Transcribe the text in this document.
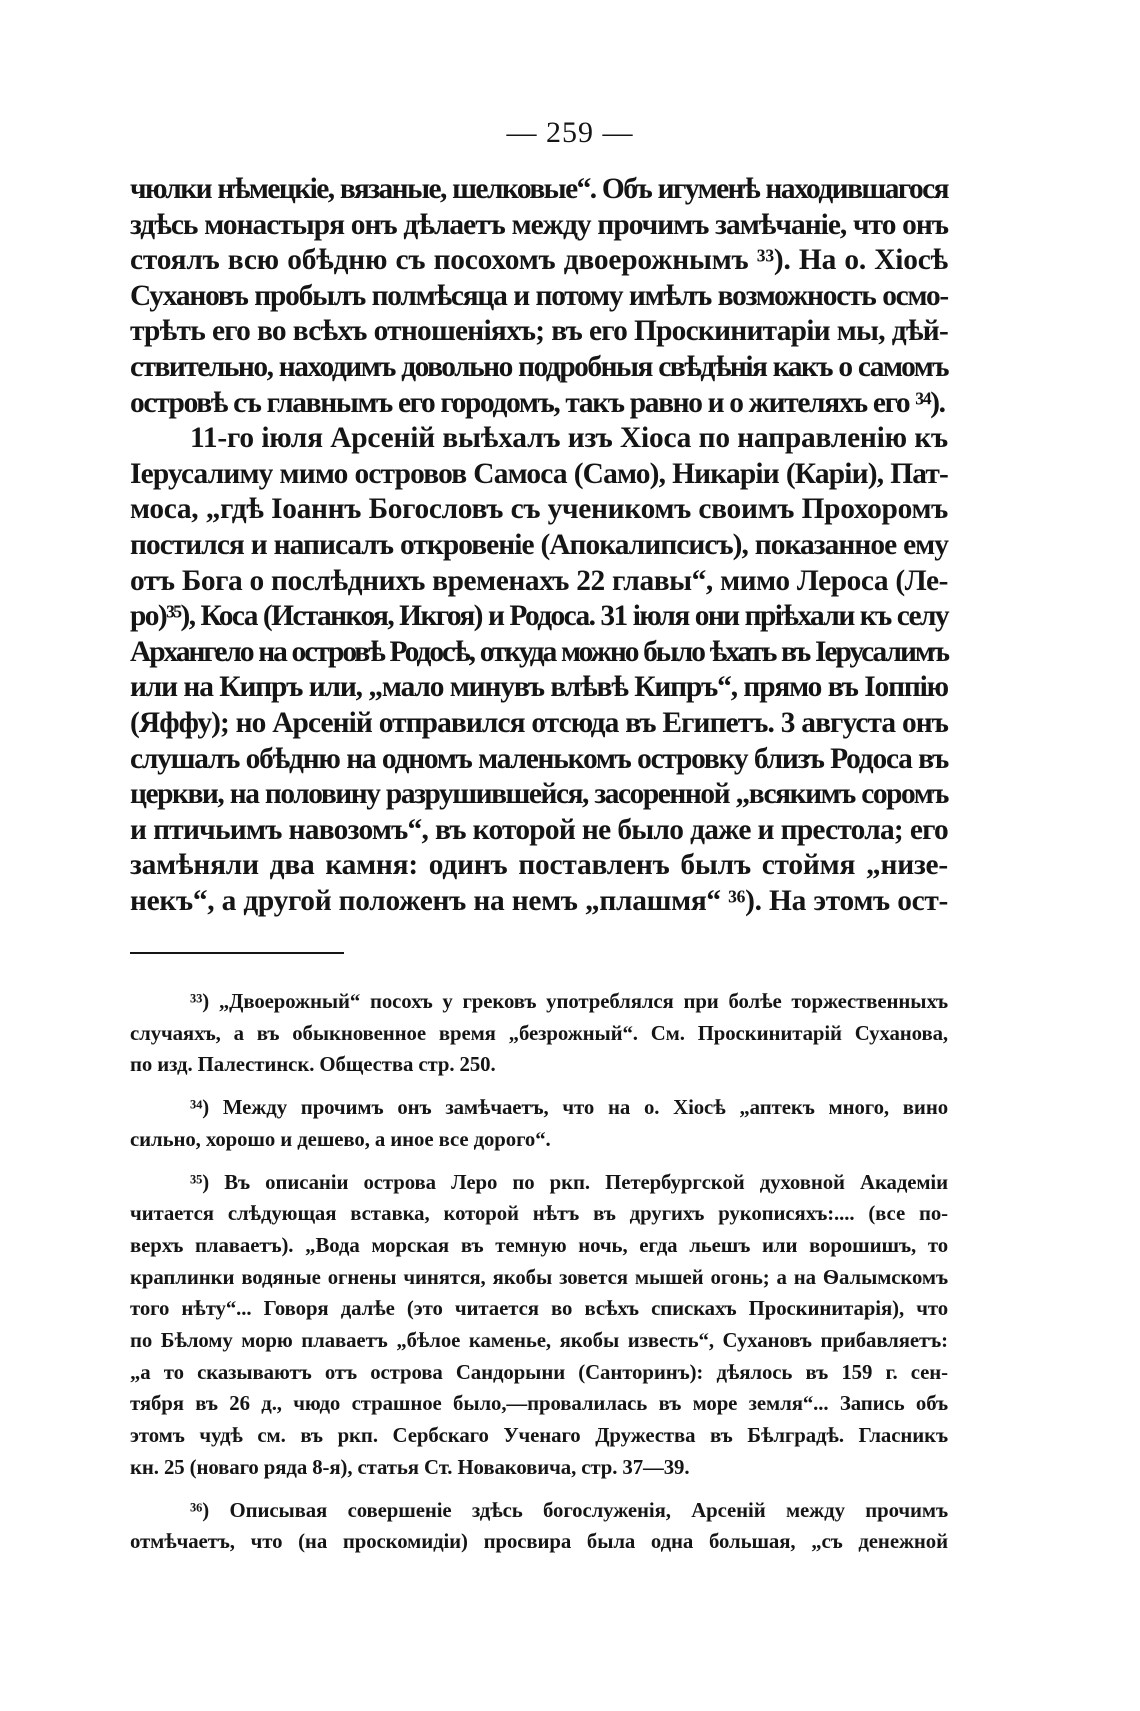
— 259 —
чюлки нѣмецкіе, вязаные, шелковые“. Объ игуменѣ находившагося
здѣсь монастыря онъ дѣлаетъ между прочимъ замѣчаніе, что онъ
стоялъ всю обѣдню съ посохомъ двоерожнымъ ³³). На о. Хіосѣ
Сухановъ пробылъ полмѣсяца и потому имѣлъ возможность осмо-
трѣть его во всѣхъ отношеніяхъ; въ его Проскинитаріи мы, дѣй-
ствительно, находимъ довольно подробныя свѣдѣнія какъ о самомъ
островѣ съ главнымъ его городомъ, такъ равно и о жителяхъ его ³⁴).
11-го іюля Арсеній выѣхалъ изъ Хіоса по направленію къ
Іерусалиму мимо островов Самоса (Само), Никаріи (Каріи), Пат-
моса, „гдѣ Іоаннъ Богословъ съ ученикомъ своимъ Прохоромъ
постился и написалъ откровеніе (Апокалипсисъ), показанное ему
отъ Бога о послѣднихъ временахъ 22 главы“, мимо Лероса (Ле-
ро)³⁵), Коса (Истанкоя, Икгоя) и Родоса. 31 іюля они пріѣхали къ селу
Архангело на островѣ Родосѣ, откуда можно было ѣхать въ Іерусалимъ
или на Кипръ или, „мало минувъ влѣвѣ Кипръ“, прямо въ Іоппію
(Яффу); но Арсеній отправился отсюда въ Египетъ. 3 августа онъ
слушалъ обѣдню на одномъ маленькомъ островку близъ Родоса въ
церкви, на половину разрушившейся, засоренной „всякимъ соромъ
и птичьимъ навозомъ“, въ которой не было даже и престола; его
замѣняли два камня: одинъ поставленъ былъ стоймя „низе-
некъ“, а другой положенъ на немъ „плашмя“ ³⁶). На этомъ ост-
³³) „Двоерожный“ посохъ у грековъ употреблялся при болѣе торжественныхъ
случаяхъ, а въ обыкновенное время „безрожный“. См. Проскинитарій Суханова,
по изд. Палестинск. Общества стр. 250.
³⁴) Между прочимъ онъ замѣчаетъ, что на о. Хіосѣ „аптекъ много, вино
сильно, хорошо и дешево, а иное все дорого“.
³⁵) Въ описаніи острова Леро по ркп. Петербургской духовной Академіи
читается слѣдующая вставка, которой нѣтъ въ другихъ рукописяхъ:.... (все по-
верхъ плаваетъ). „Вода морская въ темную ночь, егда льешъ или ворошишъ, то
краплинки водяные огнены чинятся, якобы зовется мышей огонь; а на Ѳалымскомъ
того нѣту“... Говоря далѣе (это читается во всѣхъ спискахъ Проскинитарія), что
по Бѣлому морю плаваетъ „бѣлое каменье, якобы известь“, Сухановъ прибавляетъ:
„а то сказываютъ отъ острова Сандорыни (Санторинъ): дѣялось въ 159 г. сен-
тября въ 26 д., чюдо страшное было,—провалилась въ море земля“... Запись объ
этомъ чудѣ см. въ ркп. Сербскаго Ученаго Дружества въ Бѣлградѣ. Гласникъ
кн. 25 (новаго ряда 8-я), статья Ст. Новаковича, стр. 37—39.
³⁶) Описывая совершеніе здѣсь богослуженія, Арсеній между прочимъ
отмѣчаетъ, что (на проскомидіи) просвира была одна большая, „съ денежной
